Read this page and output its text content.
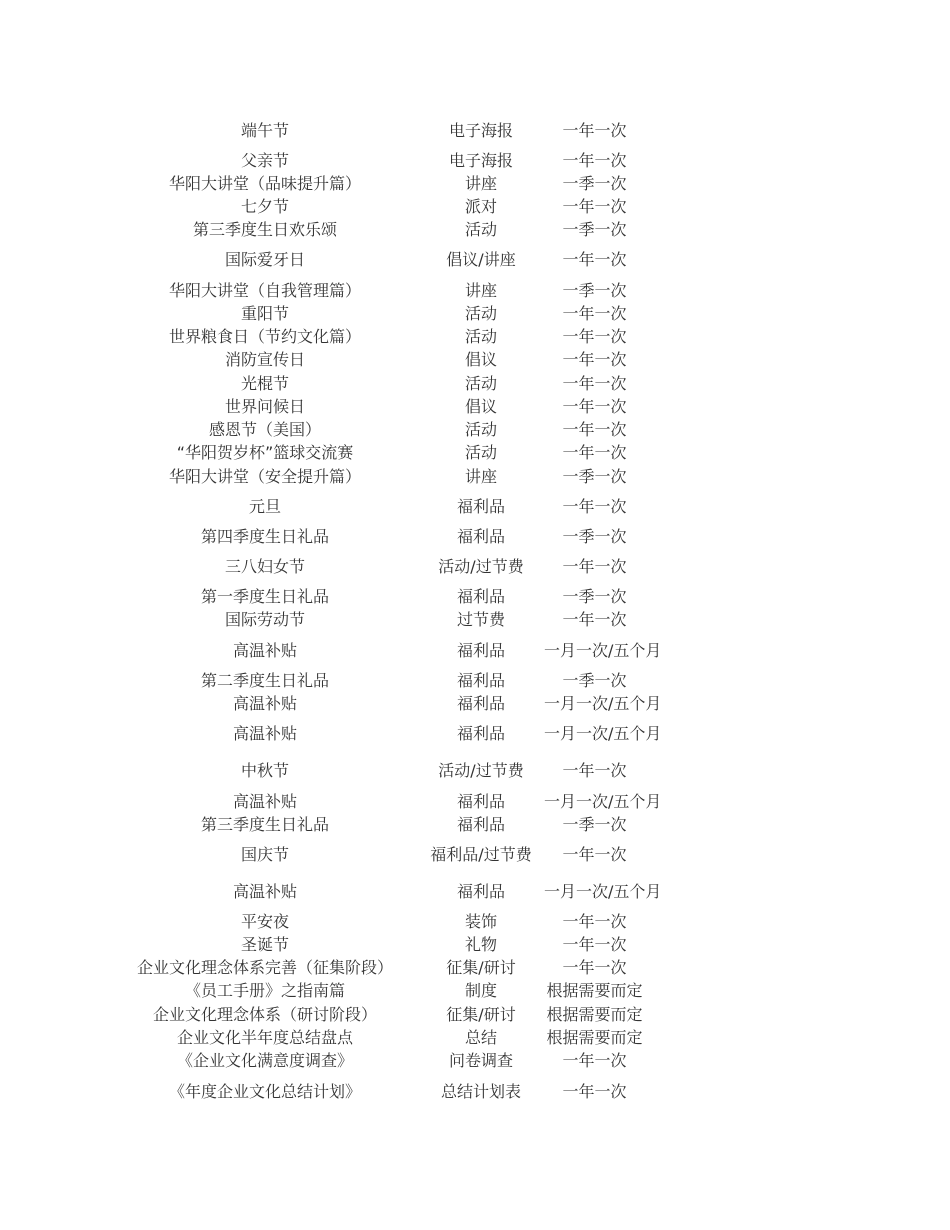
端午节	电子海报	一年一次
父亲节	电子海报	一年一次
华阳大讲堂（品味提升篇）	讲座	一季一次
七夕节	派对	一年一次
第三季度生日欢乐颂	活动	一季一次
国际爱牙日	倡议/讲座	一年一次
华阳大讲堂（自我管理篇）	讲座	一季一次
重阳节	活动	一年一次
世界粮食日（节约文化篇）	活动	一年一次
消防宣传日	倡议	一年一次
光棍节	活动	一年一次
世界问候日	倡议	一年一次
感恩节（美国）	活动	一年一次
“华阳贺岁杯”篮球交流赛	活动	一年一次
华阳大讲堂（安全提升篇）	讲座	一季一次
元旦	福利品	一年一次
第四季度生日礼品	福利品	一季一次
三八妇女节	活动/过节费	一年一次
第一季度生日礼品	福利品	一季一次
国际劳动节	过节费	一年一次
高温补贴	福利品	一月一次/五个月
第二季度生日礼品	福利品	一季一次
高温补贴	福利品	一月一次/五个月
高温补贴	福利品	一月一次/五个月
中秋节	活动/过节费	一年一次
高温补贴	福利品	一月一次/五个月
第三季度生日礼品	福利品	一季一次
国庆节	福利品/过节费	一年一次
高温补贴	福利品	一月一次/五个月
平安夜	装饰	一年一次
圣诞节	礼物	一年一次
企业文化理念体系完善（征集阶段）	征集/研讨	一年一次
《员工手册》之指南篇	制度	根据需要而定
企业文化理念体系（研讨阶段）	征集/研讨	根据需要而定
企业文化半年度总结盘点	总结	根据需要而定
《企业文化满意度调查》	问卷调查	一年一次
《年度企业文化总结计划》	总结计划表	一年一次
